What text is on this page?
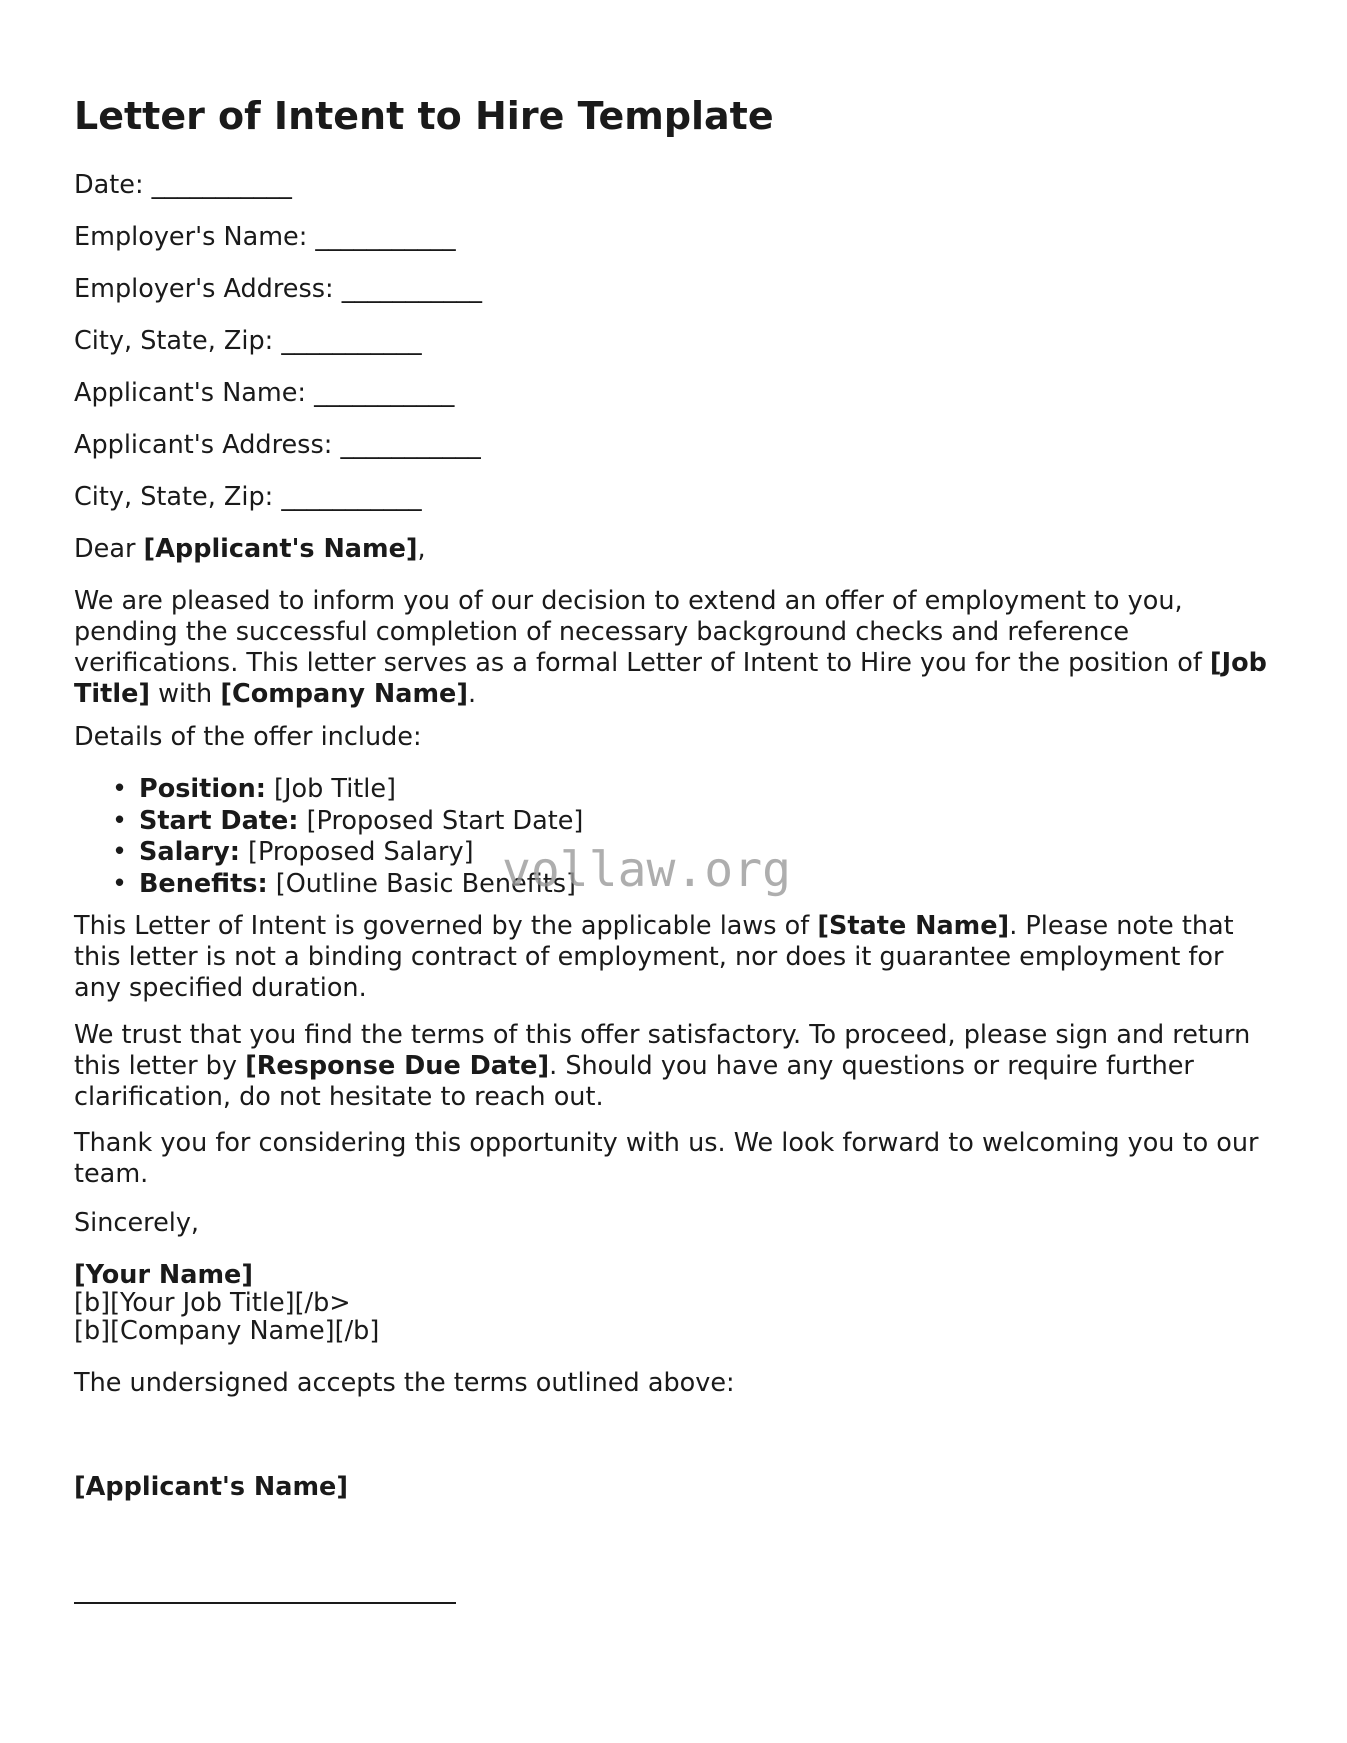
Letter of Intent to Hire Template

Date: ___________

Employer's Name: ___________

Employer's Address: ___________

City, State, Zip: ___________

Applicant's Name: ___________

Applicant's Address: ___________

City, State, Zip: ___________

Dear [Applicant's Name],

We are pleased to inform you of our decision to extend an offer of employment to you, pending the successful completion of necessary background checks and reference verifications. This letter serves as a formal Letter of Intent to Hire you for the position of [Job Title] with [Company Name].

Details of the offer include:

• Position: [Job Title]
• Start Date: [Proposed Start Date]
• Salary: [Proposed Salary]
• Benefits: [Outline Basic Benefits]

This Letter of Intent is governed by the applicable laws of [State Name]. Please note that this letter is not a binding contract of employment, nor does it guarantee employment for any specified duration.

We trust that you find the terms of this offer satisfactory. To proceed, please sign and return this letter by [Response Due Date]. Should you have any questions or require further clarification, do not hesitate to reach out.

Thank you for considering this opportunity with us. We look forward to welcoming you to our team.

Sincerely,

[Your Name]

[b][Your Job Title][/b>

[b][Company Name][/b]

The undersigned accepts the terms outlined above:

[Applicant's Name]

vollaw.org
